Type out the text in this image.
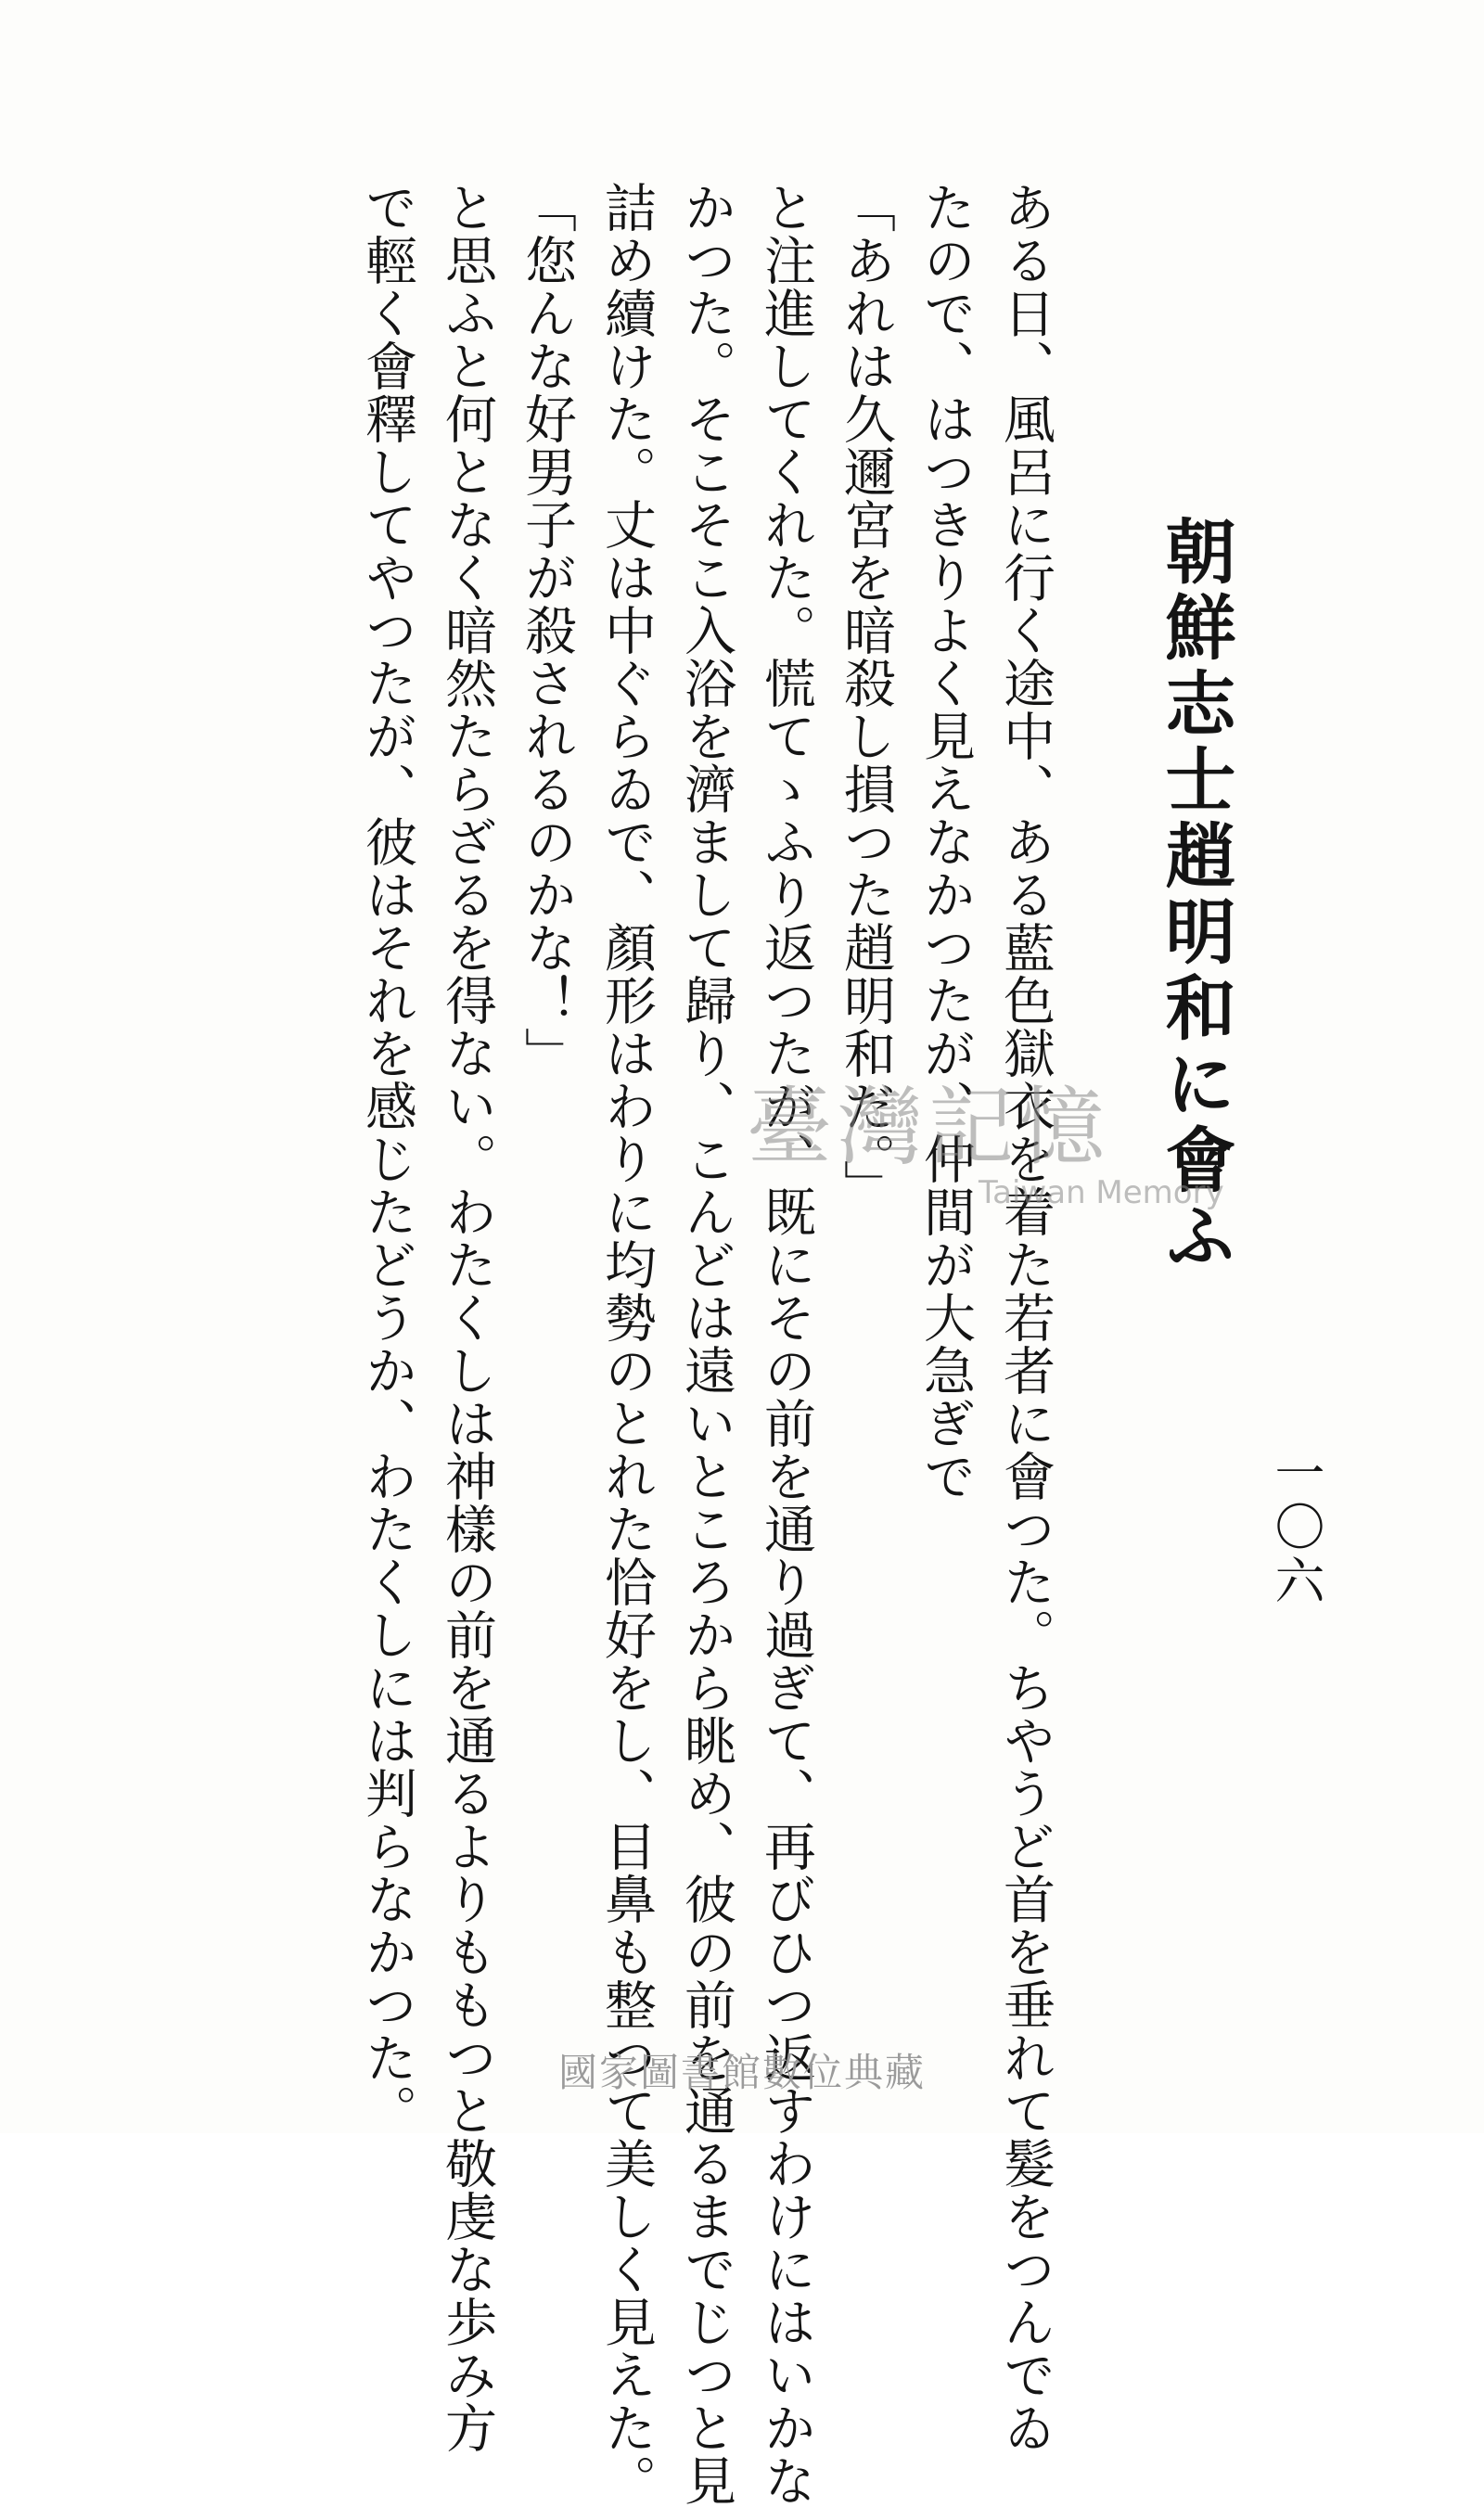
一〇六
朝鮮志士趙明和に會ふ
ある日、風呂に行く途中、ある藍色獄衣を着た若者に會つた。ちやうど首を垂れて髮をつんでゐ
たので、はつきりよく見えなかつたが、仲間が大急ぎで
「あれは久邇宮を暗殺し損つた趙明和だ。」
と注進してくれた。慌てゝふり返つたが、既にその前を通り過ぎて、再びひつ返すわけにはいかな
かつた。そこそこ入浴を濟まして歸り、こんどは遠いところから眺め、彼の前を通るまでじつと見
詰め續けた。丈は中ぐらゐで、顏形はわりに均勢のとれた恰好をし、目鼻も整つて美しく見えた。
「您んな好男子が殺されるのかな！」
と思ふと何となく暗然たらざるを得ない。わたくしは神樣の前を通るよりももつと敬虔な歩み方
で輕く會釋してやつたが、彼はそれを感じたどうか、わたくしには判らなかつた。	臺灣記憶
Taiwan Memory
國家圖書館數位典藏
